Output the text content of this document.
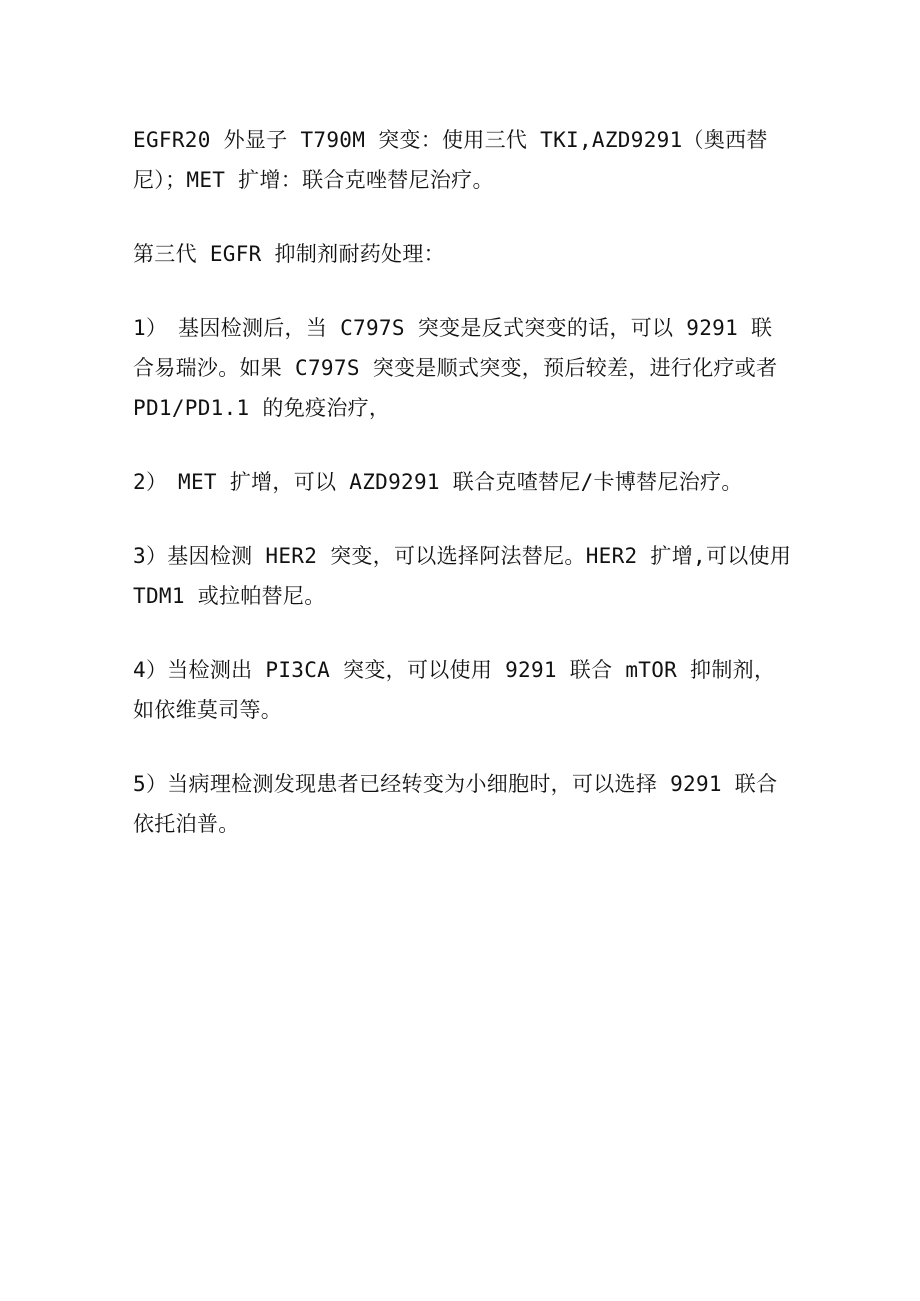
EGFR20 外显子 T790M 突变：使用三代 TKI,AZD9291（奥西替尼）；MET 扩增：联合克唑替尼治疗。

第三代 EGFR 抑制剂耐药处理：

1）　基因检测后，当 C797S 突变是反式突变的话，可以 9291 联合易瑞沙。如果 C797S 突变是顺式突变，预后较差，进行化疗或者 PD1/PD1.1 的免疫治疗，

2）　MET 扩增，可以 AZD9291 联合克喳替尼/卡博替尼治疗。

3）基因检测 HER2 突变，可以选择阿法替尼。HER2 扩增,可以使用 TDM1 或拉帕替尼。

4）当检测出 PI3CA 突变，可以使用 9291 联合 mTOR 抑制剂，如依维莫司等。

5）当病理检测发现患者已经转变为小细胞时，可以选择 9291 联合依托泊普。
